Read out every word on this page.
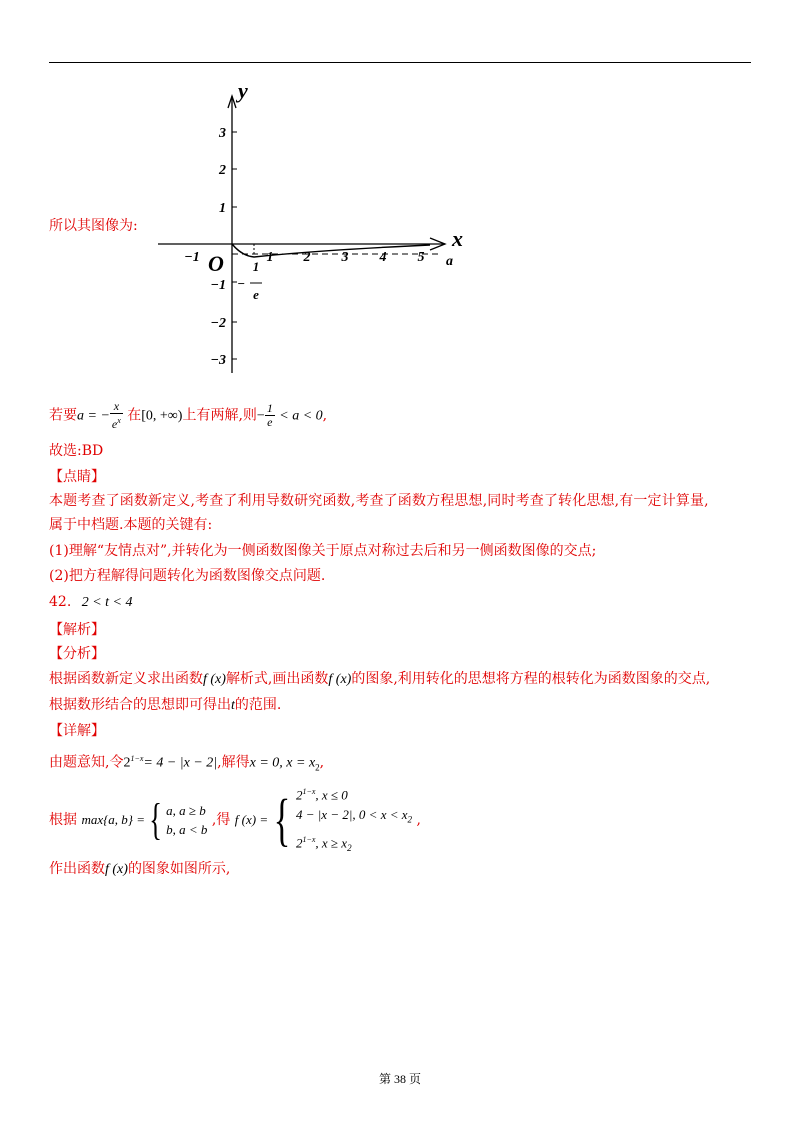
y
x
a
3
2
1
−1
−2
−3
−1	1 2 3 4 5
O 1
−
e
所以其图像为:
若要a = − $\frac{x}{e^x}$ 在[0, +∞)上有两解,则− $\frac{1}{e} < a < 0$,
故选:BD
【点睛】
本题考查了函数新定义,考查了利用导数研究函数,考查了函数方程思想,同时考查了转化思想,有一定计算量,
属于中档题.本题的关键有:
(1)理解“友情点对”,并转化为一侧函数图像关于原点对称过去后和另一侧函数图像的交点;
(2)把方程解得问题转化为函数图像交点问题.
42. 2 < t < 4
【解析】
【分析】
根据函数新定义求出函数f (x)解析式,画出函数f (x)的图象,利用转化的思想将方程的根转化为函数图象的交点,
根据数形结合的思想即可得出t的范围.
【详解】
由题意知,令$2^{1-x}= 4 - |x - 2|$,解得x = 0, $x = x_2$,
根据 max{a, b} ={ a, a ≥ b
b, a < b
,得 f (x) ={ $2^{1-x}$, x ≤ 0
4 − |x − 2|, $0 < x < x_2$
$2^{1-x}$, $x \ge x_2$
,
作出函数f (x)的图象如图所示,
第 38 页
